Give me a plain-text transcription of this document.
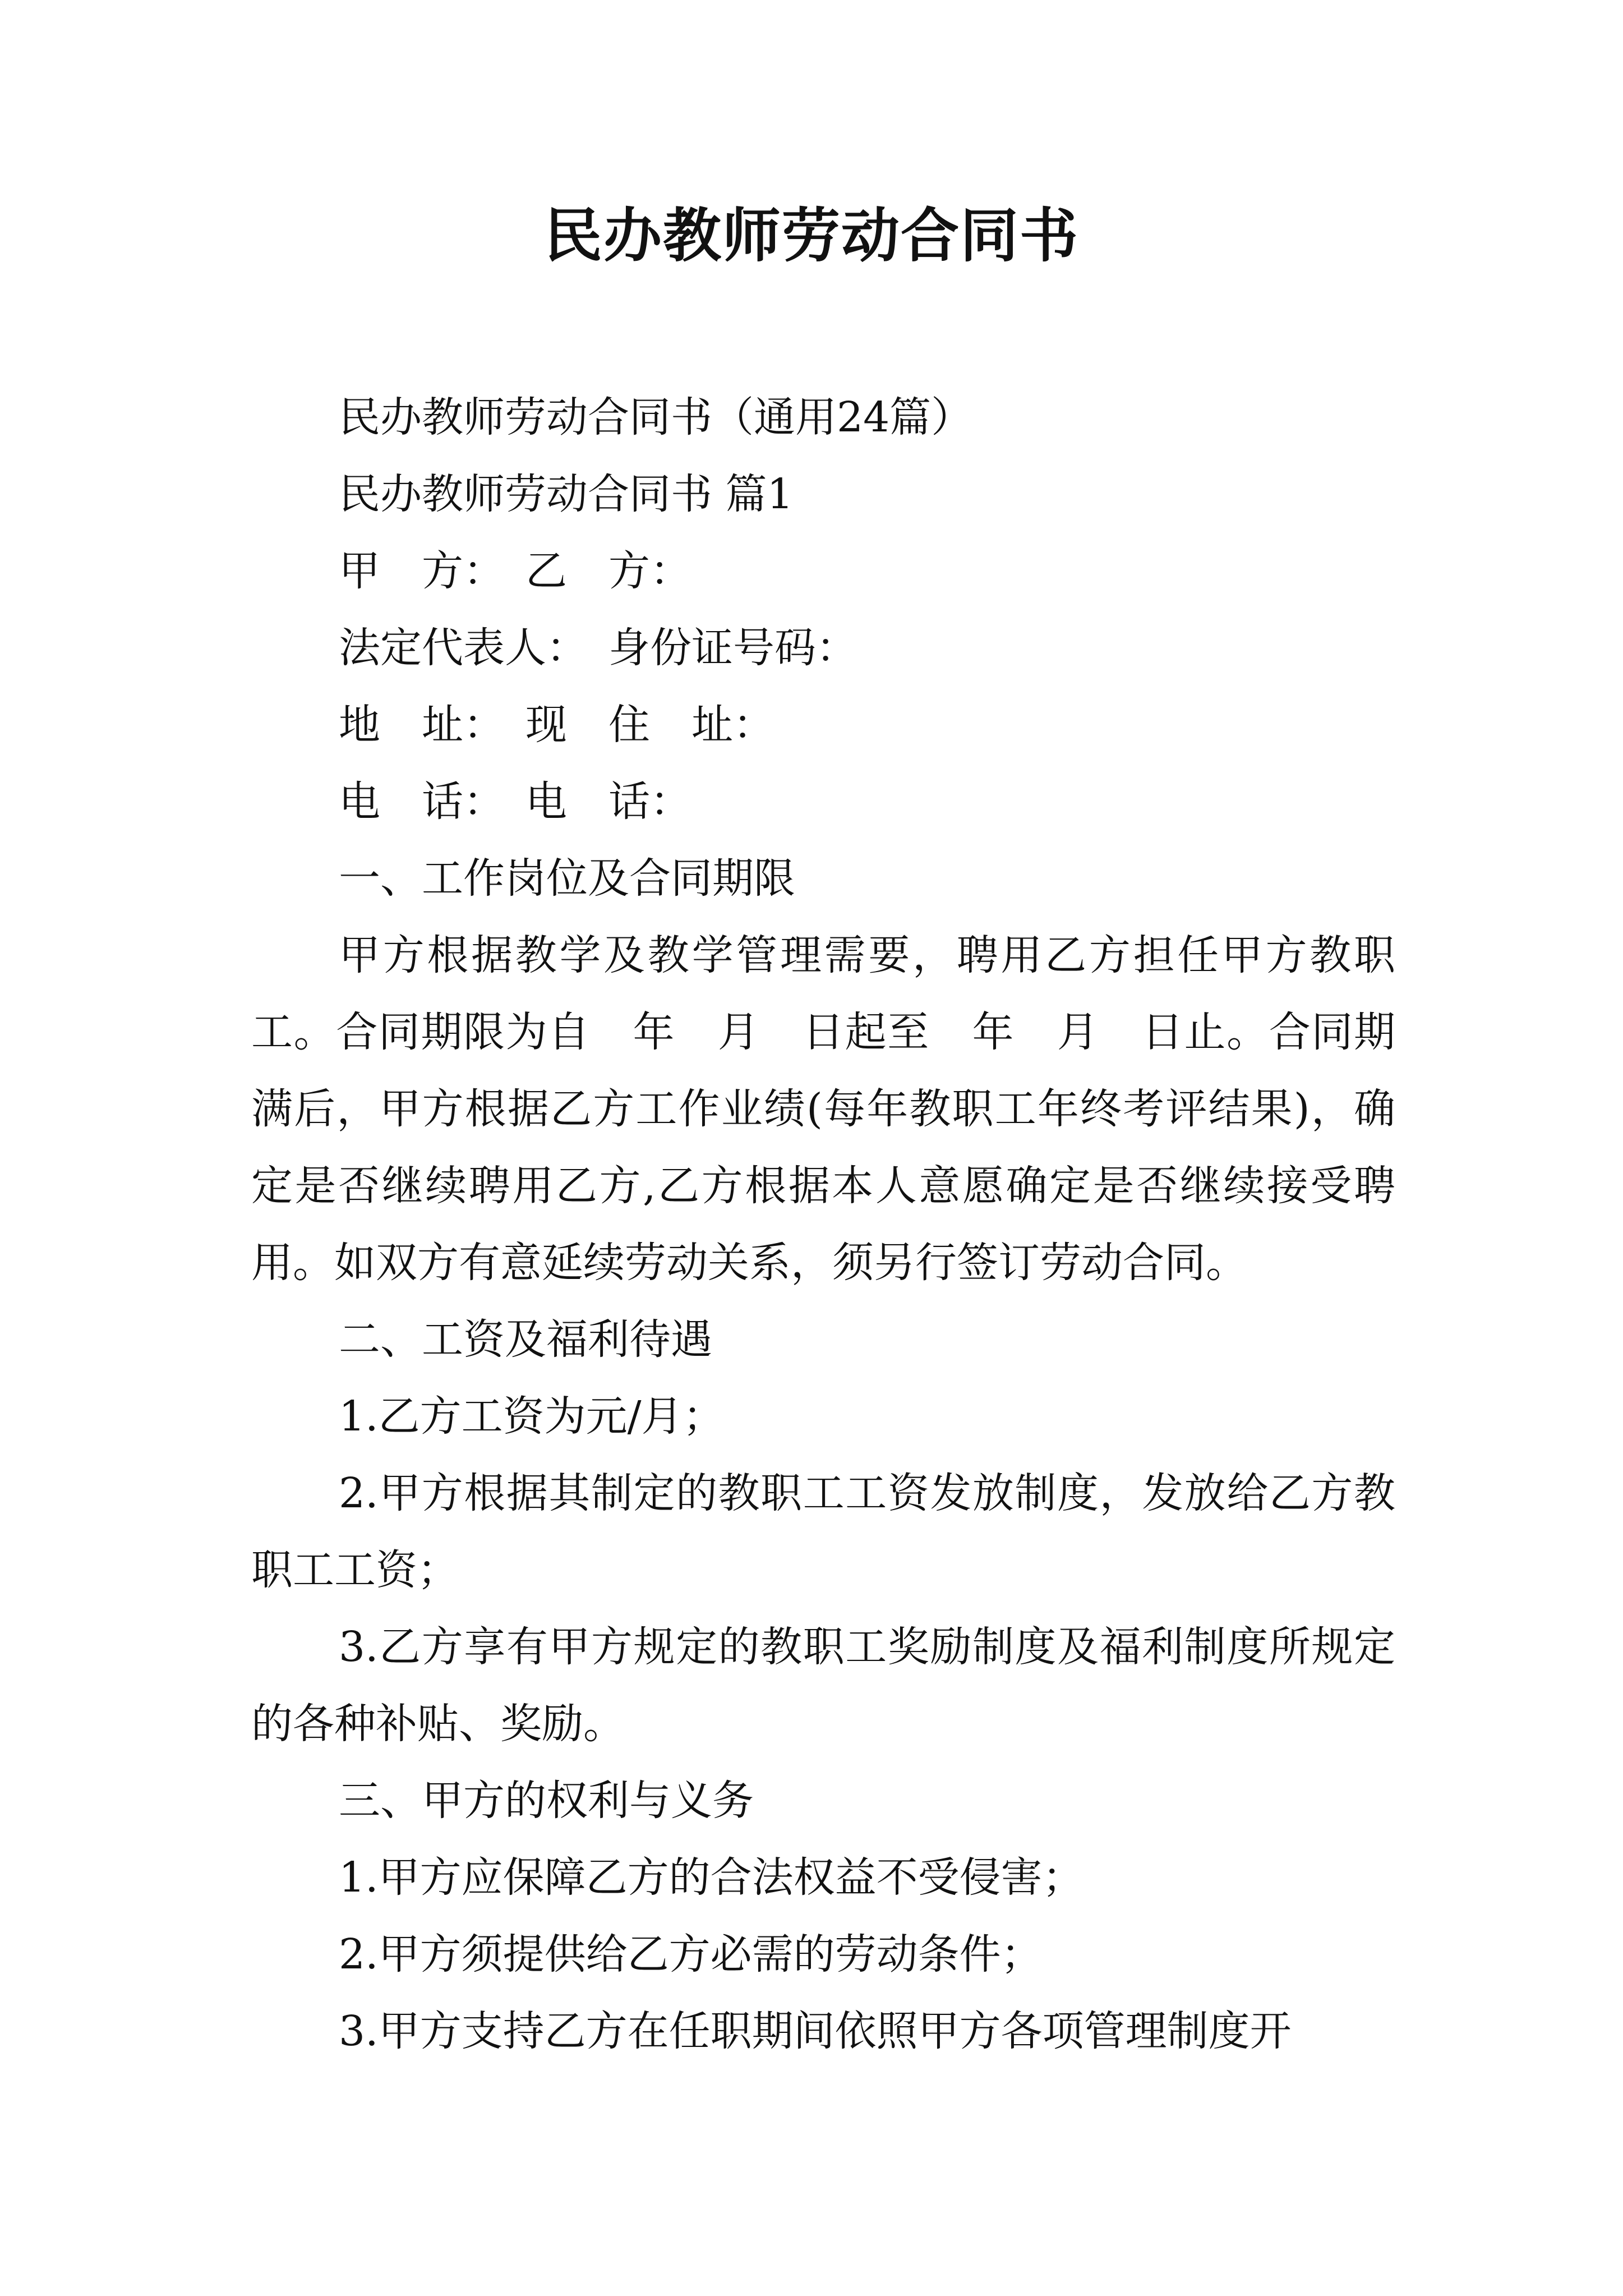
民办教师劳动合同书

民办教师劳动合同书（通用24篇）

民办教师劳动合同书 篇1

甲　方：　乙　方：

法定代表人：　身份证号码：

地　址：　现　住　址：

电　话：　电　话：

一、工作岗位及合同期限

甲方根据教学及教学管理需要，聘用乙方担任甲方教职工。合同期限为自　年　月　日起至　年　月　日止。合同期满后，甲方根据乙方工作业绩(每年教职工年终考评结果)，确定是否继续聘用乙方,乙方根据本人意愿确定是否继续接受聘用。如双方有意延续劳动关系，须另行签订劳动合同。

二、工资及福利待遇

1.乙方工资为元/月；

2.甲方根据其制定的教职工工资发放制度，发放给乙方教职工工资；

3.乙方享有甲方规定的教职工奖励制度及福利制度所规定的各种补贴、奖励。

三、甲方的权利与义务

1.甲方应保障乙方的合法权益不受侵害；

2.甲方须提供给乙方必需的劳动条件；

3.甲方支持乙方在任职期间依照甲方各项管理制度开
